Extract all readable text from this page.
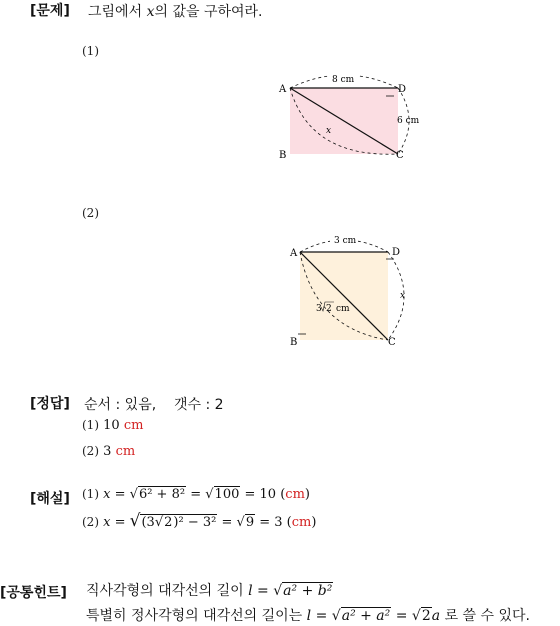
[문제] 그림에서 x의 값을 구하여라.
(1)
A
B	C
D
8 cm
6 cm
x
(2)
A
B	C
D
3 cm
3 2 cm
x
[정답] 순서 : 있음,    갯수 : 2
(1) 10 cm
(2) 3 cm
[해설] (1) x = √6² + 8² = √100 = 10 (cm)
(2) x = √(3√2)² − 3² = √9 = 3 (cm)
[공통힌트] 직사각형의 대각선의 길이 l = √a² + b²
특별히 정사각형의 대각선의 길이는 l = √a² + a² = √2a 로 쓸 수 있다.
